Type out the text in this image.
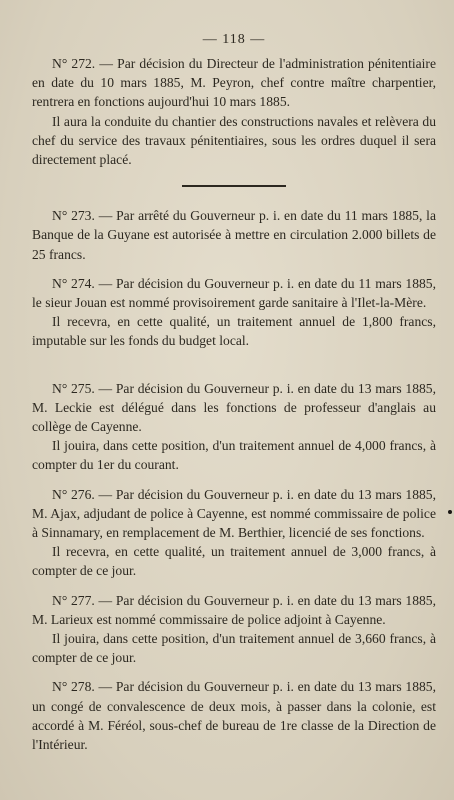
— 118 —

N° 272. — Par décision du Directeur de l'administration pénitentiaire en date du 10 mars 1885, M. Peyron, chef contre maître charpentier, rentrera en fonctions aujourd'hui 10 mars 1885.

Il aura la conduite du chantier des constructions navales et relèvera du chef du service des travaux pénitentiaires, sous les ordres duquel il sera directement placé.

N° 273. — Par arrêté du Gouverneur p. i. en date du 11 mars 1885, la Banque de la Guyane est autorisée à mettre en circulation 2.000 billets de 25 francs.

N° 274. — Par décision du Gouverneur p. i. en date du 11 mars 1885, le sieur Jouan est nommé provisoirement garde sanitaire à l'Ilet-la-Mère.

Il recevra, en cette qualité, un traitement annuel de 1,800 francs, imputable sur les fonds du budget local.

N° 275. — Par décision du Gouverneur p. i. en date du 13 mars 1885, M. Leckie est délégué dans les fonctions de professeur d'anglais au collège de Cayenne.

Il jouira, dans cette position, d'un traitement annuel de 4,000 francs, à compter du 1er du courant.

N° 276. — Par décision du Gouverneur p. i. en date du 13 mars 1885, M. Ajax, adjudant de police à Cayenne, est nommé commissaire de police à Sinnamary, en remplacement de M. Berthier, licencié de ses fonctions.

Il recevra, en cette qualité, un traitement annuel de 3,000 francs, à compter de ce jour.

N° 277. — Par décision du Gouverneur p. i. en date du 13 mars 1885, M. Larieux est nommé commissaire de police adjoint à Cayenne.

Il jouira, dans cette position, d'un traitement annuel de 3,660 francs, à compter de ce jour.

N° 278. — Par décision du Gouverneur p. i. en date du 13 mars 1885, un congé de convalescence de deux mois, à passer dans la colonie, est accordé à M. Féréol, sous-chef de bureau de 1re classe de la Direction de l'Intérieur.
